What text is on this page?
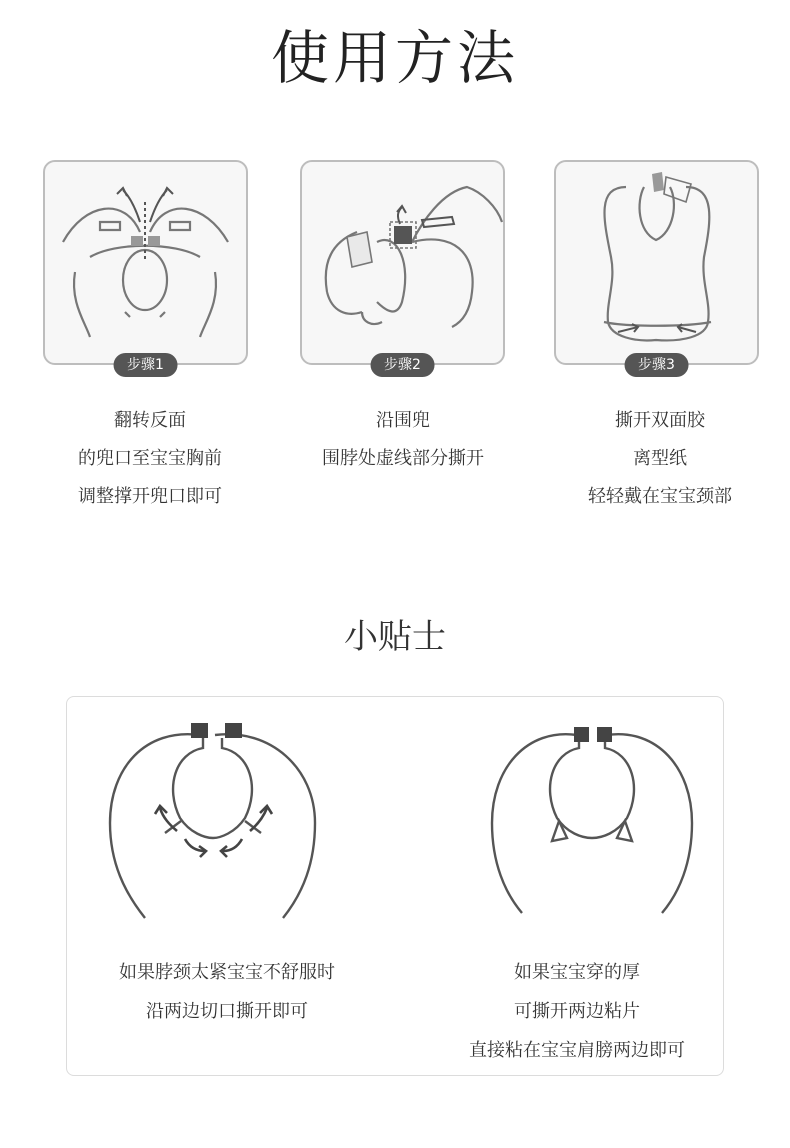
使用方法
步骤1	步骤2	步骤3
翻转反面
的兜口至宝宝胸前
调整撑开兜口即可
沿围兜
围脖处虚线部分撕开
撕开双面胶
离型纸
轻轻戴在宝宝颈部
小贴士
如果脖颈太紧宝宝不舒服时
沿两边切口撕开即可
如果宝宝穿的厚
可撕开两边粘片
直接粘在宝宝肩膀两边即可
